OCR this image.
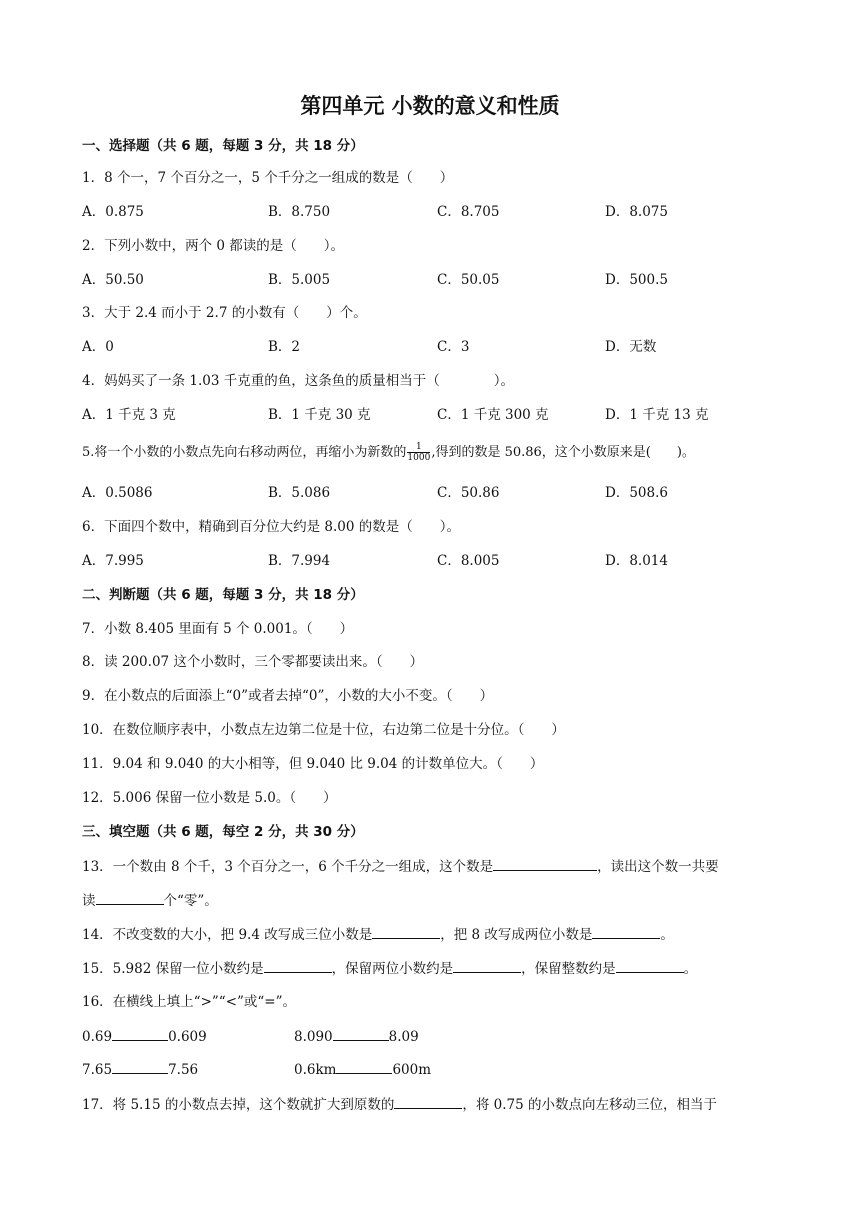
第四单元 小数的意义和性质
一、选择题（共 6 题，每题 3 分，共 18 分）
1．8 个一，7 个百分之一，5 个千分之一组成的数是（　　）
A．0.875	B．8.750	C．8.705	D．8.075
2．下列小数中，两个 0 都读的是（　　）。
A．50.50	B．5.005	C．50.05	D．500.5
3．大于 2.4 而小于 2.7 的小数有（　　）个。
A．0	B．2	C．3	D．无数
4．妈妈买了一条 1.03 千克重的鱼，这条鱼的质量相当于（　　　　）。
A．1 千克 3 克	B．1 千克 30 克	C．1 千克 300 克	D．1 千克 13 克
5.将一个小数的小数点先向右移动两位，再缩小为新数的 $\frac{1}{1000}$ ,得到的数是 50.86，这个小数原来是(　　)。
A．0.5086	B．5.086	C．50.86	D．508.6
6．下面四个数中，精确到百分位大约是 8.00 的数是（　　）。
A．7.995	B．7.994	C．8.005	D．8.014
二、判断题（共 6 题，每题 3 分，共 18 分）
7．小数 8.405 里面有 5 个 0.001。（　　）
8．读 200.07 这个小数时，三个零都要读出来。（　　）
9．在小数点的后面添上“0”或者去掉“0”，小数的大小不变。（　　）
10．在数位顺序表中，小数点左边第二位是十位，右边第二位是十分位。（　　）
11．9.04 和 9.040 的大小相等，但 9.040 比 9.04 的计数单位大。（　　）
12．5.006 保留一位小数是 5.0。（　　）
三、填空题（共 6 题，每空 2 分，共 30 分）
13．一个数由 8 个千，3 个百分之一，6 个千分之一组成，这个数是	，读出这个数一共要
读	个“零”。
14．不改变数的大小，把 9.4 改写成三位小数是	，把 8 改写成两位小数是	。
15．5.982 保留一位小数约是	，保留两位小数约是	，保留整数约是	。
16．在横线上填上“>”“<”或“=”。
0.69	0.609	8.090	8.09
7.65	7.56	0.6km	600m
17．将 5.15 的小数点去掉，这个数就扩大到原数的	，将 0.75 的小数点向左移动三位，相当于
